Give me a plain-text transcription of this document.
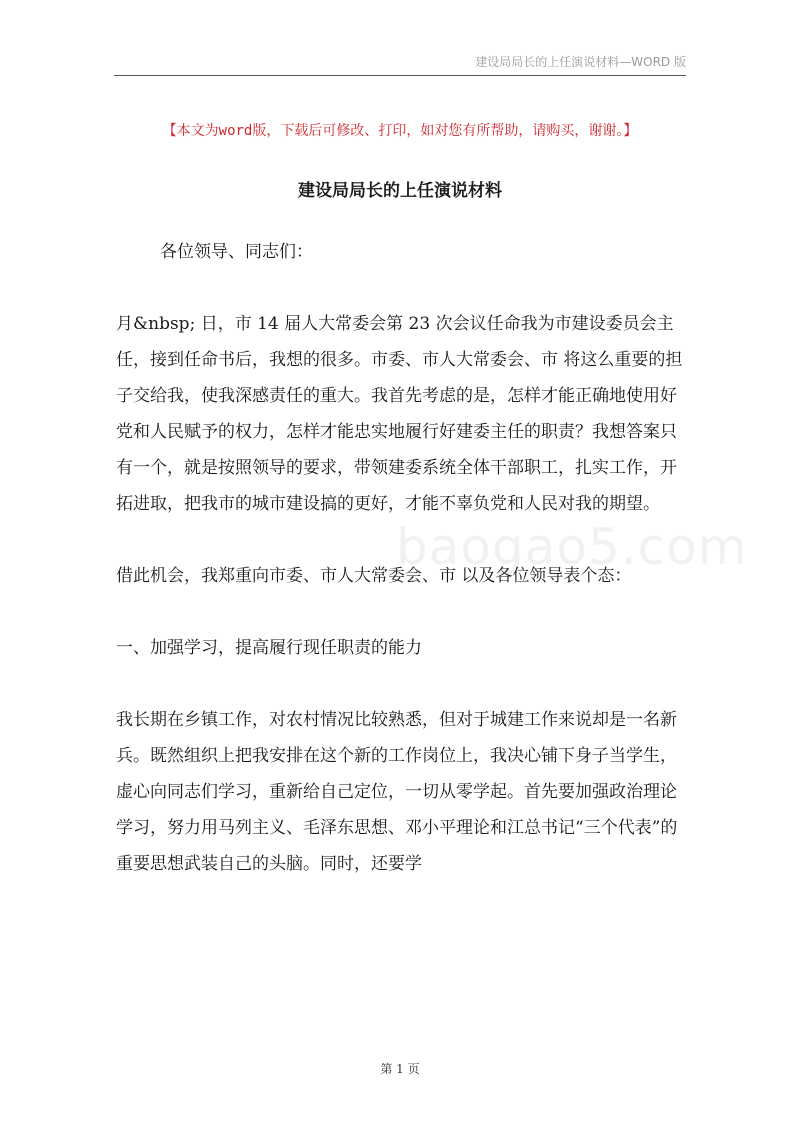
建设局局长的上任演说材料—WORD 版
【本文为word版，下载后可修改、打印，如对您有所帮助，请购买，谢谢。】
建设局局长的上任演说材料

各位领导、同志们：

月&nbsp; 日，市 14 届人大常委会第 23 次会议任命我为市建设委员会主任，接到任命书后，我想的很多。市委、市人大常委会、市 将这么重要的担子交给我，使我深感责任的重大。我首先考虑的是，怎样才能正确地使用好党和人民赋予的权力，怎样才能忠实地履行好建委主任的职责？我想答案只有一个，就是按照领导的要求，带领建委系统全体干部职工，扎实工作，开拓进取，把我市的城市建设搞的更好，才能不辜负党和人民对我的期望。

借此机会，我郑重向市委、市人大常委会、市 以及各位领导表个态：

一、加强学习，提高履行现任职责的能力

我长期在乡镇工作，对农村情况比较熟悉，但对于城建工作来说却是一名新兵。既然组织上把我安排在这个新的工作岗位上，我决心铺下身子当学生，虚心向同志们学习，重新给自己定位，一切从零学起。首先要加强政治理论学习，努力用马列主义、毛泽东思想、邓小平理论和江总书记“三个代表”的重要思想武装自己的头脑。同时，还要学

baogao5.com
第 1 页
